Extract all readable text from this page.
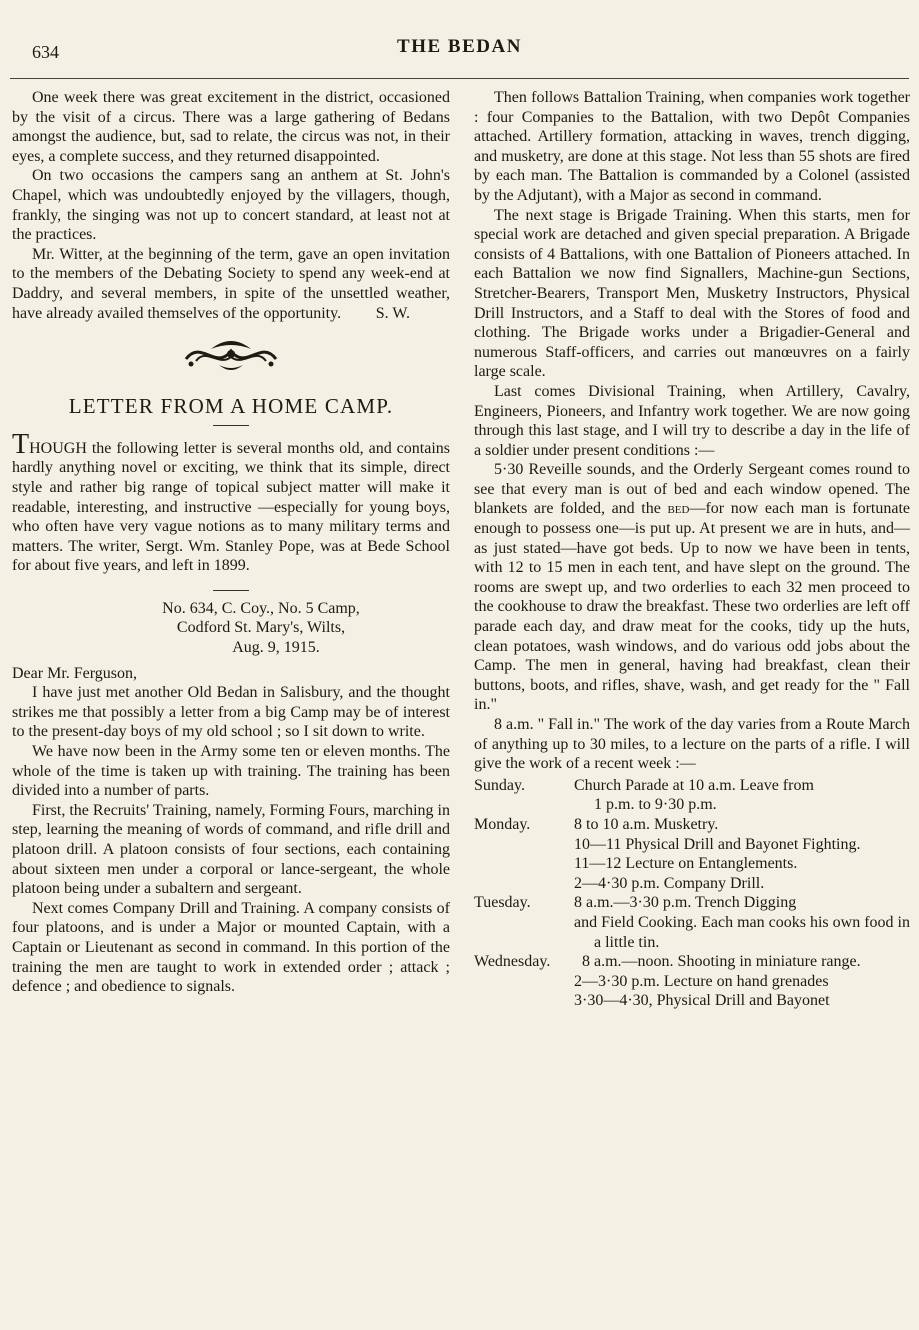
634	THE BEDAN

One week there was great excitement in the district, occasioned by the visit of a circus. There was a large gathering of Bedans amongst the audience, but, sad to relate, the circus was not, in their eyes, a complete success, and they returned disappointed.

On two occasions the campers sang an anthem at St. John's Chapel, which was undoubtedly enjoyed by the villagers, though, frankly, the singing was not up to concert standard, at least not at the practices.

Mr. Witter, at the beginning of the term, gave an open invitation to the members of the Debating Society to spend any week-end at Daddry, and several members, in spite of the unsettled weather, have already availed themselves of the opportunity.	S. W.
LETTER FROM A HOME CAMP.

THOUGH the following letter is several months old, and contains hardly anything novel or exciting, we think that its simple, direct style and rather big range of topical subject matter will make it readable, interesting, and instructive —especially for young boys, who often have very vague notions as to many military terms and matters. The writer, Sergt. Wm. Stanley Pope, was at Bede School for about five years, and left in 1899.

No. 634, C. Coy., No. 5 Camp,
Codford St. Mary's, Wilts,
Aug. 9, 1915.
Dear Mr. Ferguson,

I have just met another Old Bedan in Salisbury, and the thought strikes me that possibly a letter from a big Camp may be of interest to the present-day boys of my old school ; so I sit down to write.

We have now been in the Army some ten or eleven months. The whole of the time is taken up with training. The training has been divided into a number of parts.

First, the Recruits' Training, namely, Forming Fours, marching in step, learning the meaning of words of command, and rifle drill and platoon drill. A platoon consists of four sections, each containing about sixteen men under a corporal or lance-sergeant, the whole platoon being under a subaltern and sergeant.

Next comes Company Drill and Training. A company consists of four platoons, and is under a Major or mounted Captain, with a Captain or Lieutenant as second in command. In this portion of the training the men are taught to work in extended order ; attack ; defence ; and obedience to signals.

Then follows Battalion Training, when companies work together : four Companies to the Battalion, with two Depôt Companies attached. Artillery formation, attacking in waves, trench digging, and musketry, are done at this stage. Not less than 55 shots are fired by each man. The Battalion is commanded by a Colonel (assisted by the Adjutant), with a Major as second in command.

The next stage is Brigade Training. When this starts, men for special work are detached and given special preparation. A Brigade consists of 4 Battalions, with one Battalion of Pioneers attached. In each Battalion we now find Signallers, Machine-gun Sections, Stretcher-Bearers, Transport Men, Musketry Instructors, Physical Drill Instructors, and a Staff to deal with the Stores of food and clothing. The Brigade works under a Brigadier-General and numerous Staff-officers, and carries out manœuvres on a fairly large scale.

Last comes Divisional Training, when Artillery, Cavalry, Engineers, Pioneers, and Infantry work together. We are now going through this last stage, and I will try to describe a day in the life of a soldier under present conditions :—

5·30 Reveille sounds, and the Orderly Sergeant comes round to see that every man is out of bed and each window opened. The blankets are folded, and the bed—for now each man is fortunate enough to possess one—is put up. At present we are in huts, and—as just stated—have got beds. Up to now we have been in tents, with 12 to 15 men in each tent, and have slept on the ground. The rooms are swept up, and two orderlies to each 32 men proceed to the cookhouse to draw the breakfast. These two orderlies are left off parade each day, and draw meat for the cooks, tidy up the huts, clean potatoes, wash windows, and do various odd jobs about the Camp. The men in general, having had breakfast, clean their buttons, boots, and rifles, shave, wash, and get ready for the " Fall in."

8 a.m. " Fall in." The work of the day varies from a Route March of anything up to 30 miles, to a lecture on the parts of a rifle. I will give the work of a recent week :—

Sunday.	Church Parade at 10 a.m. Leave from
1 p.m. to 9·30 p.m.
Monday.	8 to 10 a.m. Musketry.
10—11 Physical Drill and Bayonet Fighting.
11—12 Lecture on Entanglements.
2—4·30 p.m. Company Drill.
Tuesday.	8 a.m.—3·30 p.m. Trench Digging
and Field Cooking. Each man cooks his own food in a little tin.
Wednesday.	8 a.m.—noon. Shooting in miniature range.
2—3·30 p.m. Lecture on hand grenades
3·30—4·30, Physical Drill and Bayonet
